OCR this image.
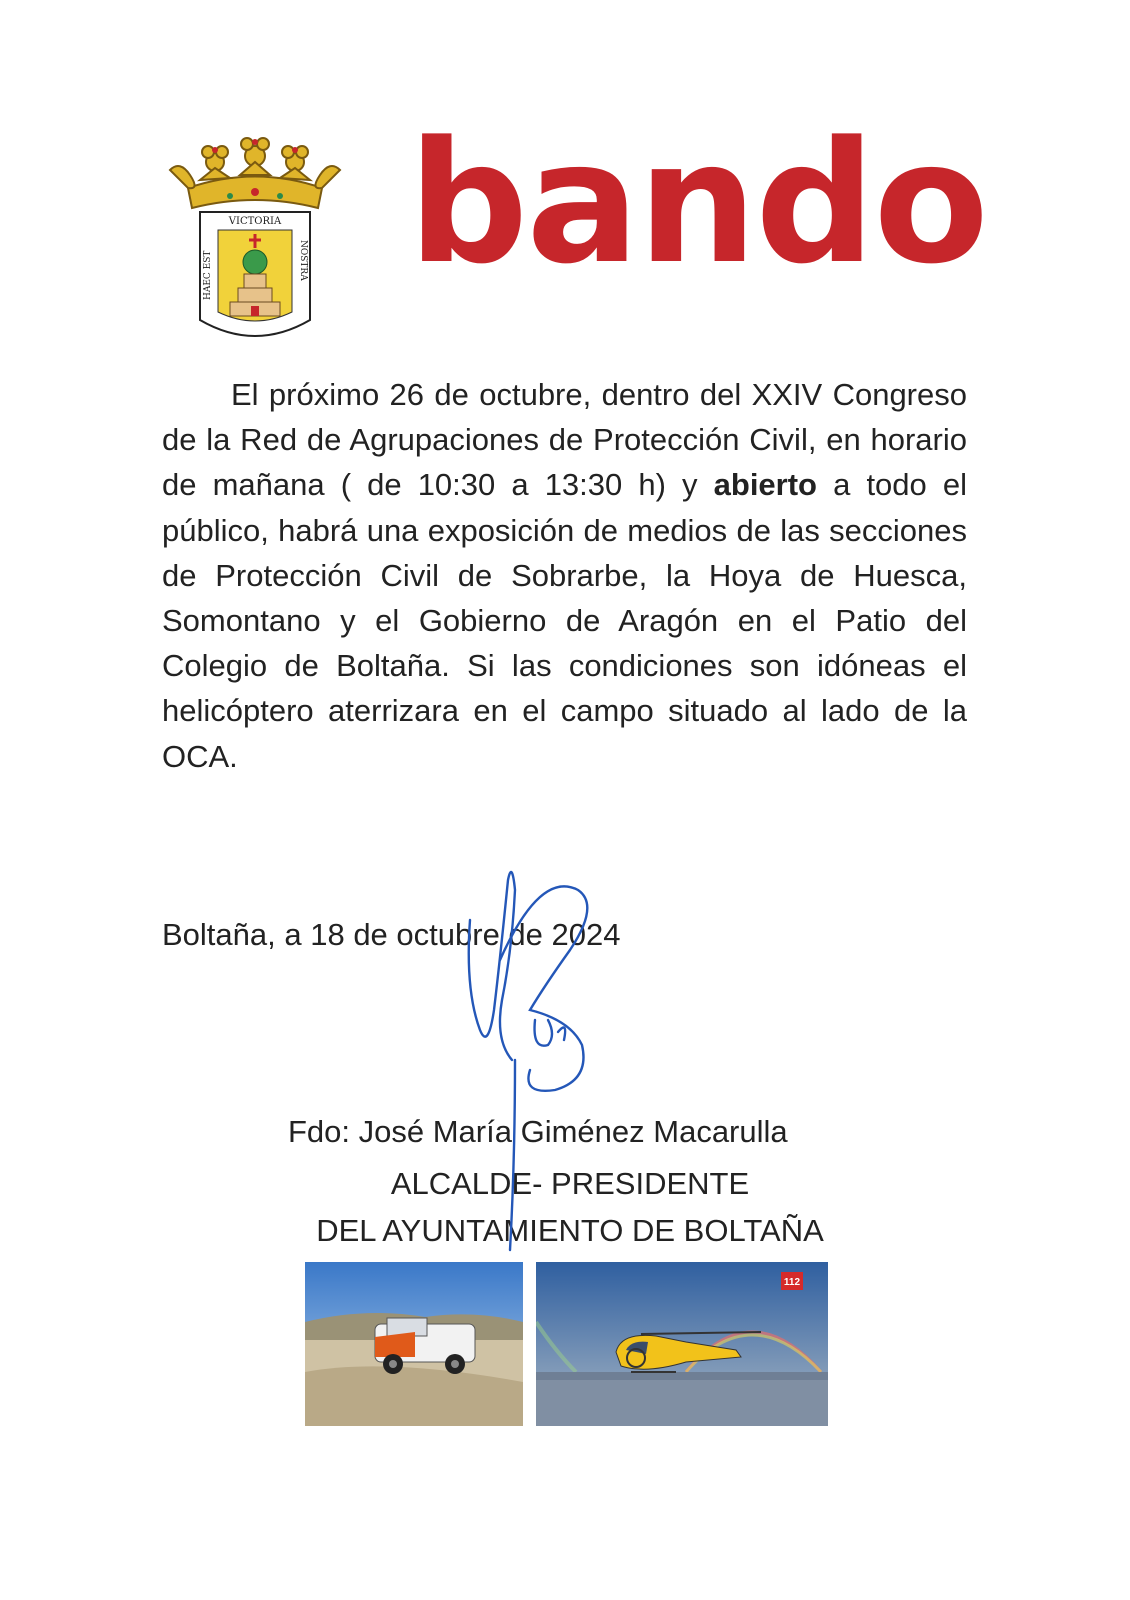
VICTORIA
HAEC EST	NOSTRA bando

El próximo 26 de octubre, dentro del XXIV Congreso de la Red de Agrupaciones de Protección Civil, en horario de mañana ( de 10:30 a 13:30 h) y abierto a todo el público, habrá una exposición de medios de las secciones de Protección Civil de Sobrarbe, la Hoya de Huesca, Somontano y el Gobierno de Aragón en el Patio del Colegio de Boltaña. Si las condiciones son idóneas el helicóptero aterrizara en el campo situado al lado de la OCA.

Boltaña, a 18 de octubre de 2024

Fdo: José María Giménez Macarulla

ALCALDE- PRESIDENTE
DEL AYUNTAMIENTO DE BOLTAÑA

112
